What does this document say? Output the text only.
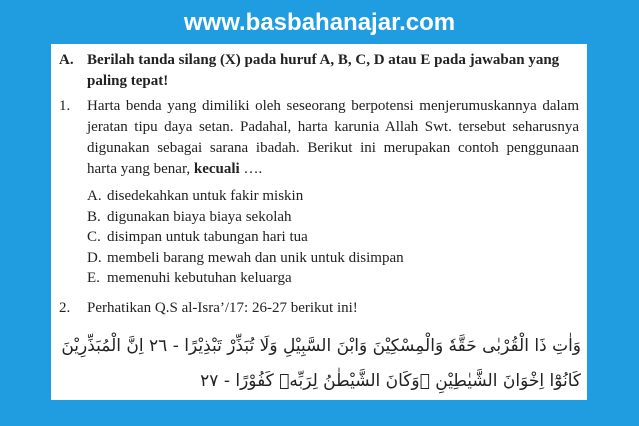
www.basbahanajar.com
A. Berilah tanda silang (X) pada huruf A, B, C, D atau E pada jawaban yang paling tepat!
1. Harta benda yang dimiliki oleh seseorang berpotensi menjerumuskannya dalam jeratan tipu daya setan. Padahal, harta karunia Allah Swt. tersebut seharusnya digunakan sebagai sarana ibadah. Berikut ini merupakan contoh penggunaan harta yang benar, kecuali ….
A. disedekahkan untuk fakir miskin
B. digunakan biaya biaya sekolah
C. disimpan untuk tabungan hari tua
D. membeli barang mewah dan unik untuk disimpan
E. memenuhi kebutuhan keluarga
2. Perhatikan Q.S al-Isra’/17: 26-27 berikut ini!
وَاٰتِ ذَا الْقُرْبٰى حَقَّهٗ وَالْمِسْكِيْنَ وَابْنَ السَّبِيْلِ وَلَا تُبَذِّرْ تَبْذِيْرًا - ٢٦ اِنَّ الْمُبَذِّرِيْنَ
كَانُوْٓا اِخْوَانَ الشَّيٰطِيْنِ ۗوَكَانَ الشَّيْطٰنُ لِرَبِّهٖ كَفُوْرًا - ٢٧
